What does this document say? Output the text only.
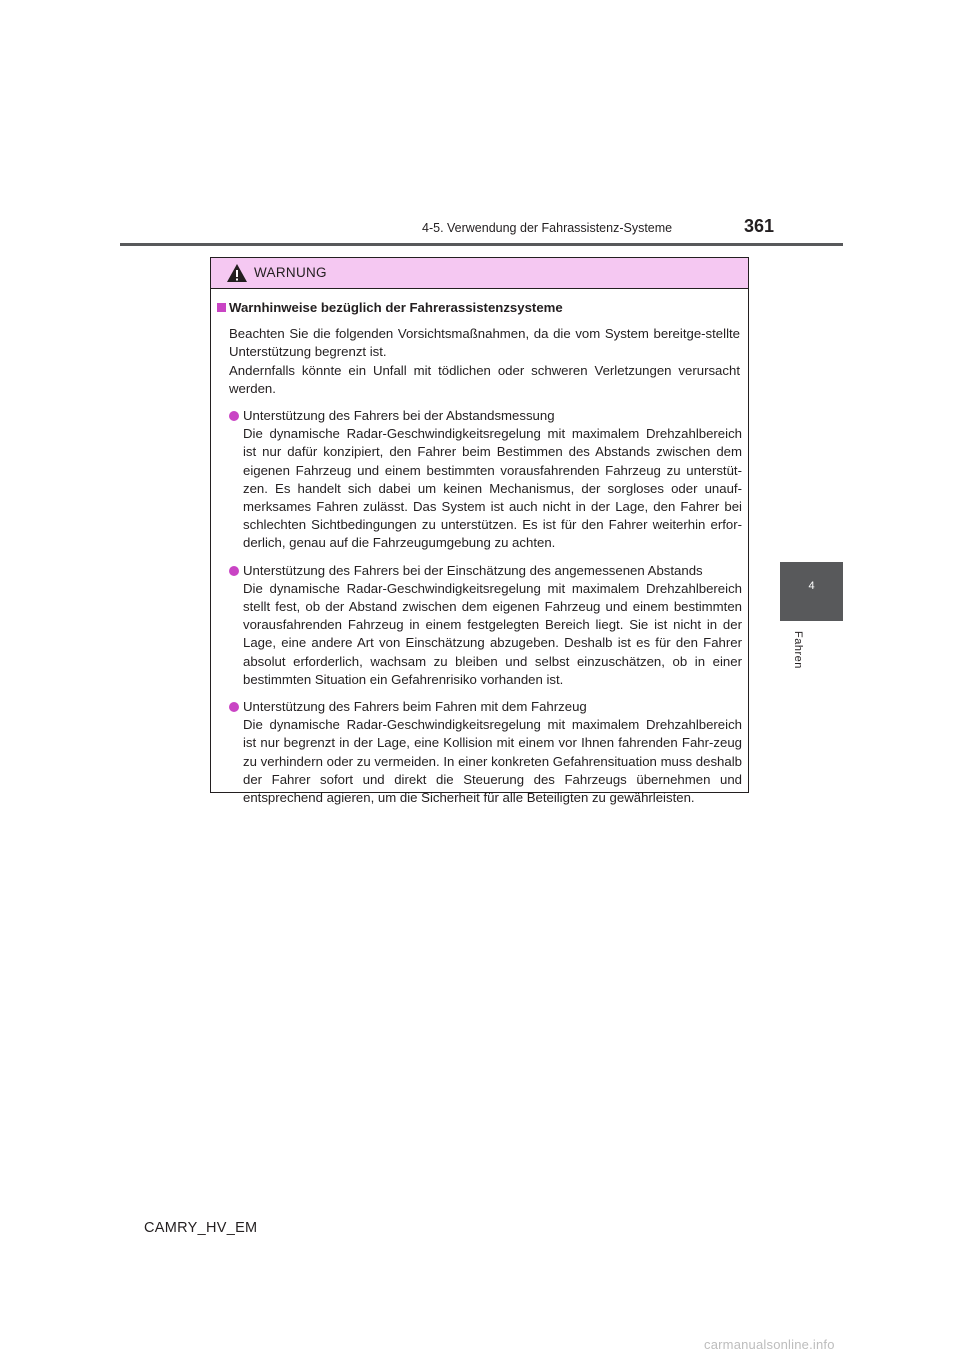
4-5. Verwendung der Fahrassistenz-Systeme	361
4
Fahren
WARNUNG
Warnhinweise bezüglich der Fahrerassistenzsysteme

Beachten Sie die folgenden Vorsichtsmaßnahmen, da die vom System bereitge-stellte Unterstützung begrenzt ist.

Andernfalls könnte ein Unfall mit tödlichen oder schweren Verletzungen verursacht werden.

Unterstützung des Fahrers bei der Abstandsmessung

Die dynamische Radar-Geschwindigkeitsregelung mit maximalem Drehzahlbereich ist nur dafür konzipiert, den Fahrer beim Bestimmen des Abstands zwischen dem eigenen Fahrzeug und einem bestimmten vorausfahrenden Fahrzeug zu unterstüt-zen. Es handelt sich dabei um keinen Mechanismus, der sorgloses oder unauf-merksames Fahren zulässt. Das System ist auch nicht in der Lage, den Fahrer bei schlechten Sichtbedingungen zu unterstützen. Es ist für den Fahrer weiterhin erfor-derlich, genau auf die Fahrzeugumgebung zu achten.

Unterstützung des Fahrers bei der Einschätzung des angemessenen Abstands

Die dynamische Radar-Geschwindigkeitsregelung mit maximalem Drehzahlbereich stellt fest, ob der Abstand zwischen dem eigenen Fahrzeug und einem bestimmten vorausfahrenden Fahrzeug in einem festgelegten Bereich liegt. Sie ist nicht in der Lage, eine andere Art von Einschätzung abzugeben. Deshalb ist es für den Fahrer absolut erforderlich, wachsam zu bleiben und selbst einzuschätzen, ob in einer bestimmten Situation ein Gefahrenrisiko vorhanden ist.

Unterstützung des Fahrers beim Fahren mit dem Fahrzeug

Die dynamische Radar-Geschwindigkeitsregelung mit maximalem Drehzahlbereich ist nur begrenzt in der Lage, eine Kollision mit einem vor Ihnen fahrenden Fahr-zeug zu verhindern oder zu vermeiden. In einer konkreten Gefahrensituation muss deshalb der Fahrer sofort und direkt die Steuerung des Fahrzeugs übernehmen und entsprechend agieren, um die Sicherheit für alle Beteiligten zu gewährleisten.

CAMRY_HV_EM
carmanualsonline.info
